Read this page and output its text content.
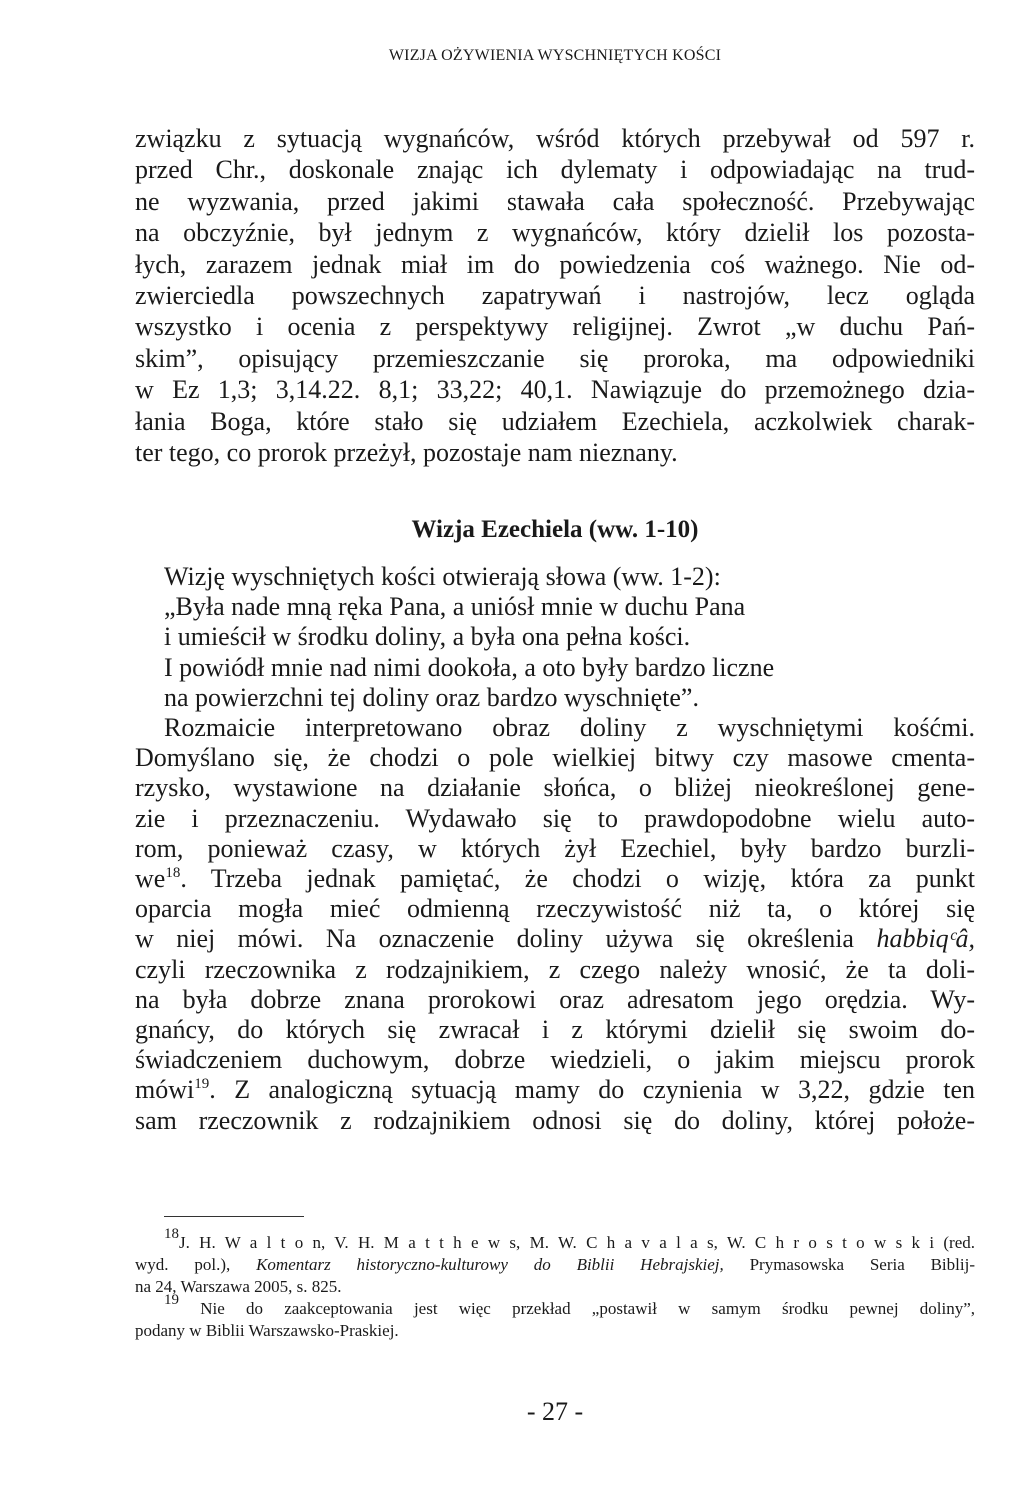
WIZJA OŻYWIENIA WYSCHNIĘTYCH KOŚCI
związku z sytuacją wygnańców, wśród których przebywał od 597 r.
przed Chr., doskonale znając ich dylematy i odpowiadając na trud-
ne wyzwania, przed jakimi stawała cała społeczność. Przebywając
na obczyźnie, był jednym z wygnańców, który dzielił los pozosta-
łych, zarazem jednak miał im do powiedzenia coś ważnego. Nie od-
zwierciedla powszechnych zapatrywań i nastrojów, lecz ogląda
wszystko i ocenia z perspektywy religijnej. Zwrot „w duchu Pań-
skim”, opisujący przemieszczanie się proroka, ma odpowiedniki
w Ez 1,3; 3,14.22. 8,1; 33,22; 40,1. Nawiązuje do przemożnego dzia-
łania Boga, które stało się udziałem Ezechiela, aczkolwiek charak-
ter tego, co prorok przeżył, pozostaje nam nieznany.
Wizja Ezechiela (ww. 1-10)
Wizję wyschniętych kości otwierają słowa (ww. 1-2):
„Była nade mną ręka Pana, a uniósł mnie w duchu Pana
i umieścił w środku doliny, a była ona pełna kości.
I powiódł mnie nad nimi dookoła, a oto były bardzo liczne
na powierzchni tej doliny oraz bardzo wyschnięte”.
Rozmaicie interpretowano obraz doliny z wyschniętymi kośćmi.
Domyślano się, że chodzi o pole wielkiej bitwy czy masowe cmenta-
rzysko, wystawione na działanie słońca, o bliżej nieokreślonej gene-
zie i przeznaczeniu. Wydawało się to prawdopodobne wielu auto-
rom, ponieważ czasy, w których żył Ezechiel, były bardzo burzli-
$we^{18}$. Trzeba jednak pamiętać, że chodzi o wizję, która za punkt
oparcia mogła mieć odmienną rzeczywistość niż ta, o której się
w niej mówi. Na oznaczenie doliny używa się określenia habbiqᶜâ,
czyli rzeczownika z rodzajnikiem, z czego należy wnosić, że ta doli-
na była dobrze znana prorokowi oraz adresatom jego orędzia. Wy-
gnańcy, do których się zwracał i z którymi dzielił się swoim do-
świadczeniem duchowym, dobrze wiedzieli, o jakim miejscu prorok
mówi$^{19}$. Z analogiczną sytuacją mamy do czynienia w 3,22, gdzie ten
sam rzeczownik z rodzajnikiem odnosi się do doliny, której położe-
$^{18}$J. H. W a l t o n, V. H. M a t t h e w s, M. W. C h a v a l a s, W. C h r o s t o w s k i (red.
wyd. pol.), Komentarz historyczno-kulturowy do Biblii Hebrajskiej, Prymasowska Seria Biblij-
na 24, Warszawa 2005, s. 825.
$^{19}$ Nie do zaakceptowania jest więc przekład „postawił w samym środku pewnej doliny”,
podany w Biblii Warszawsko-Praskiej.
- 27 -
